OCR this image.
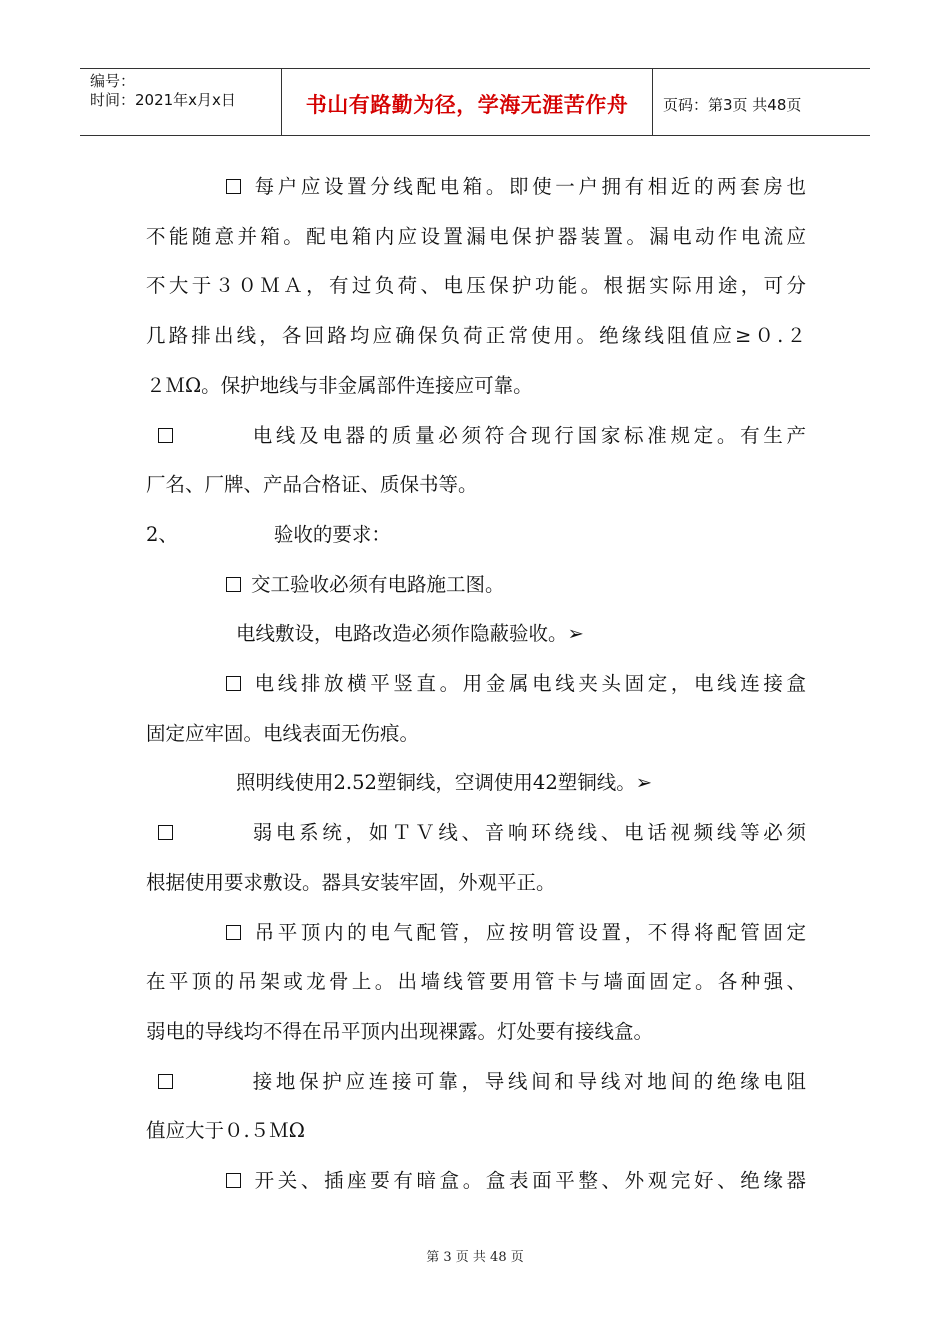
编号：
时间：2021年x月x日	书山有路勤为径，学海无涯苦作舟	页码：第3页 共48页
每户应设置分线配电箱。即使一户拥有相近的两套房也
不能随意并箱。配电箱内应设置漏电保护器装置。漏电动作电流应
不大于３０ＭＡ，有过负荷、电压保护功能。根据实际用途，可分
几路排出线，各回路均应确保负荷正常使用。绝缘线阻值应≥０.２
２ＭΩ。保护地线与非金属部件连接应可靠。
电线及电器的质量必须符合现行国家标准规定。有生产
厂名、厂牌、产品合格证、质保书等。
2、	验收的要求：
交工验收必须有电路施工图。
电线敷设，电路改造必须作隐蔽验收。➢
电线排放横平竖直。用金属电线夹头固定，电线连接盒
固定应牢固。电线表面无伤痕。
照明线使用2.52塑铜线，空调使用42塑铜线。➢
弱电系统，如ＴＶ线、音响环绕线、电话视频线等必须
根据使用要求敷设。器具安装牢固，外观平正。
吊平顶内的电气配管，应按明管设置，不得将配管固定
在平顶的吊架或龙骨上。出墙线管要用管卡与墙面固定。各种强、
弱电的导线均不得在吊平顶内出现裸露。灯处要有接线盒。
接地保护应连接可靠，导线间和导线对地间的绝缘电阻
值应大于０.５ＭΩ
开关、插座要有暗盒。盒表面平整、外观完好、绝缘器
第 3 页 共 48 页
